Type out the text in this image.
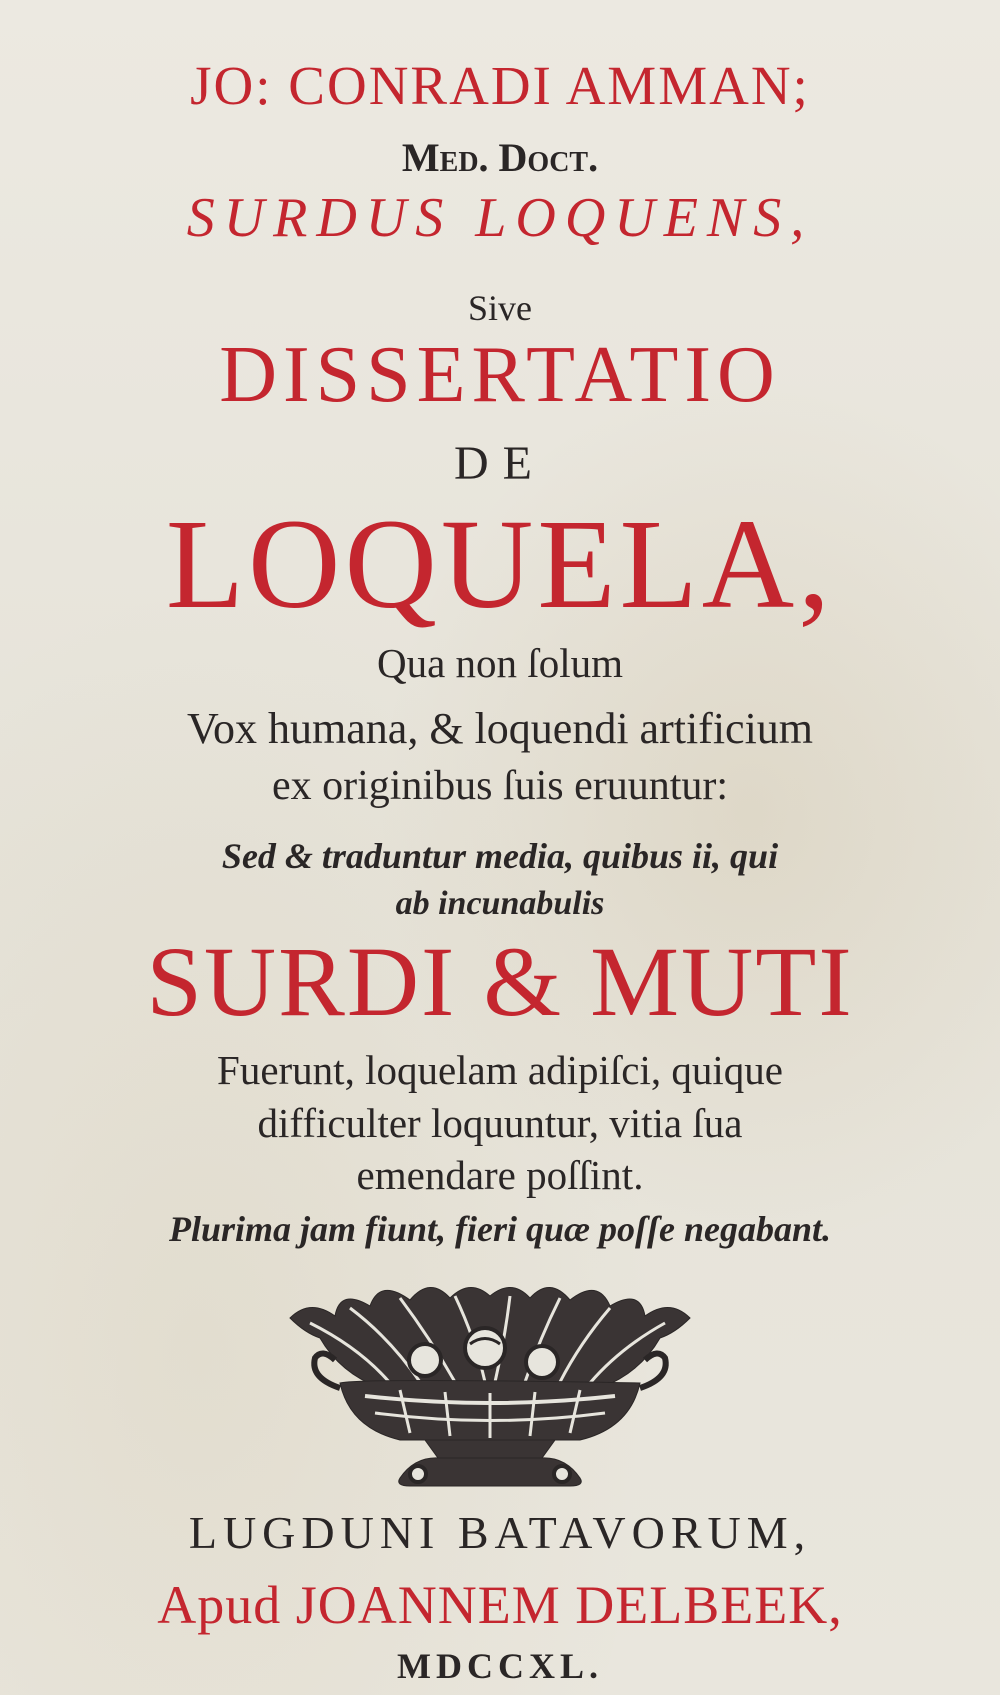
JO: CONRADI AMMAN;
Med. Doct.
SURDUS LOQUENS,
Sive
DISSERTATIO
DE
LOQUELA,
Qua non ſolum
Vox humana, & loquendi artificium
ex originibus ſuis eruuntur:
Sed & traduntur media, quibus ii, qui
ab incunabulis
SURDI & MUTI
Fuerunt, loquelam adipiſci, quique
difficulter loquuntur, vitia ſua
emendare poſſint.
Plurima jam fiunt, fieri quæ poſſe negabant.
LUGDUNI BATAVORUM,
Apud JOANNEM DELBEEK,
MDCCXL.
